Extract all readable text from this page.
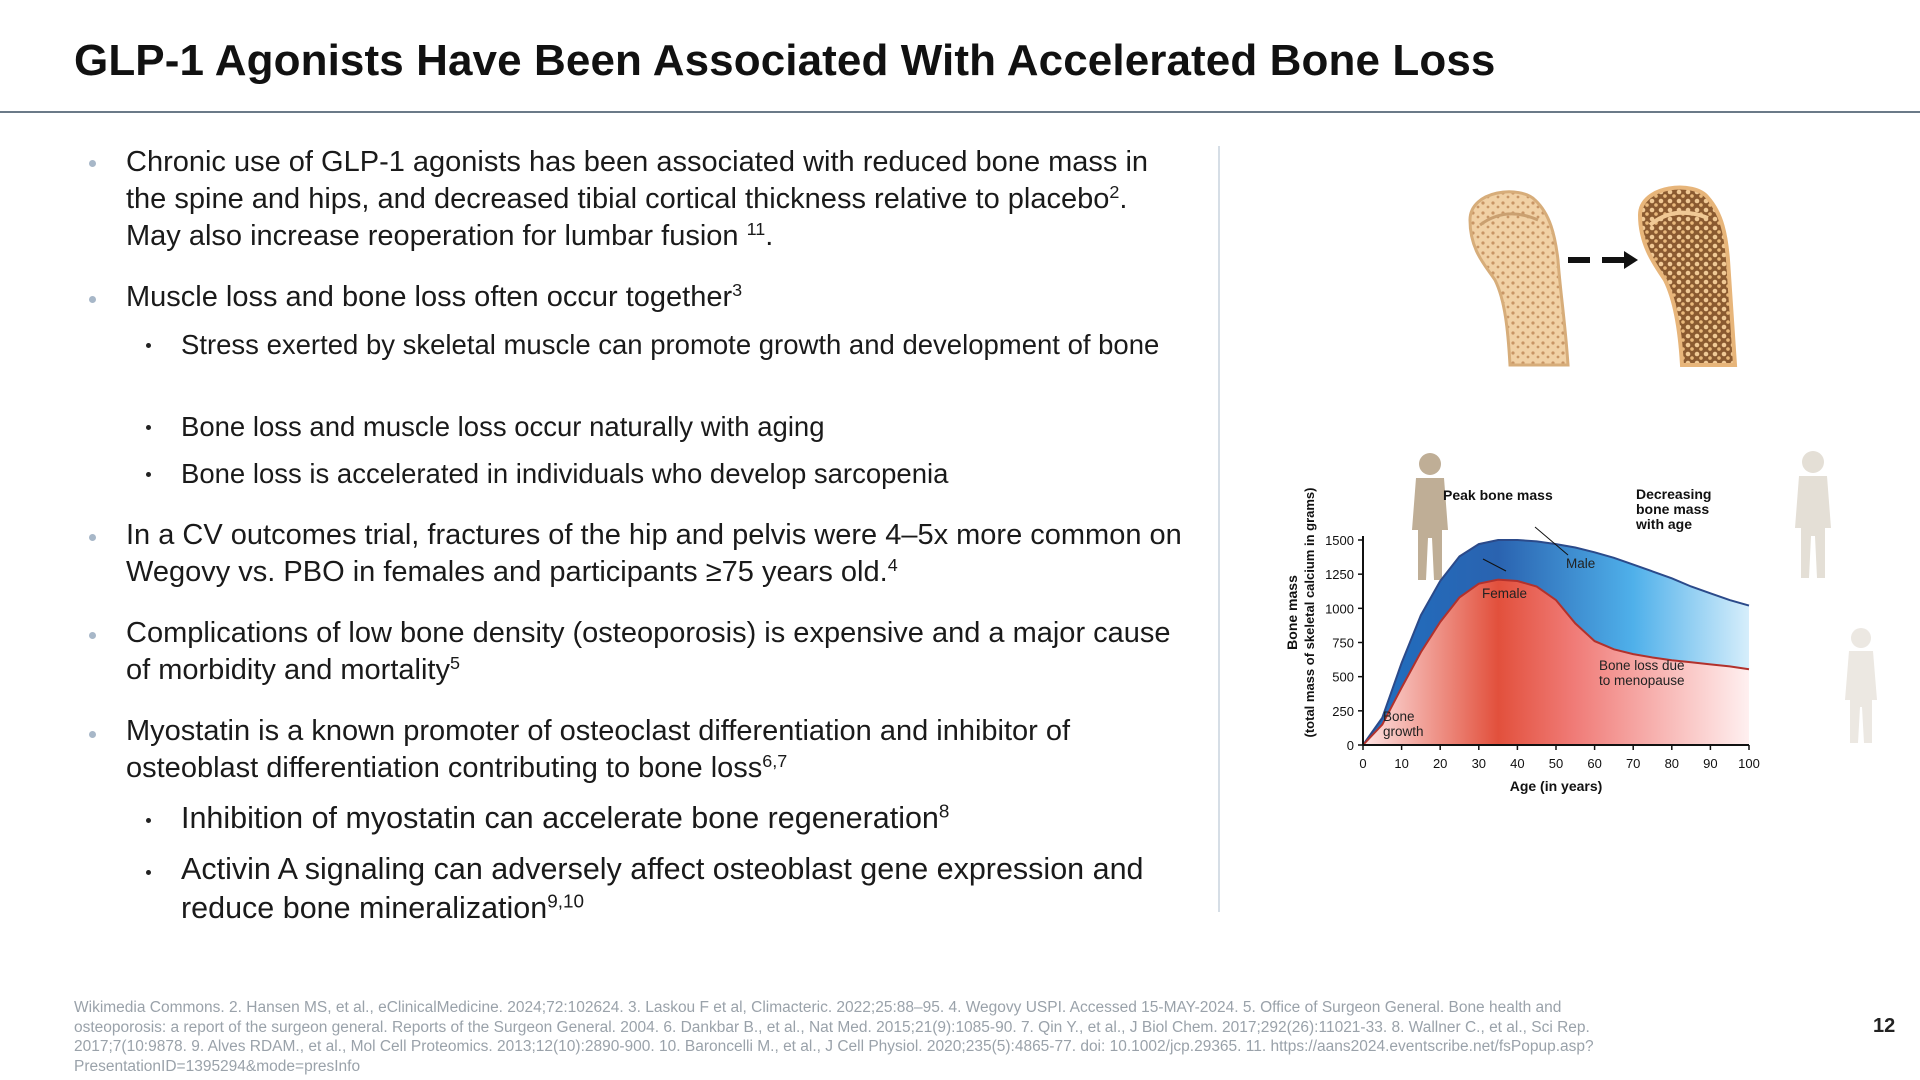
GLP-1 Agonists Have Been Associated With Accelerated Bone Loss
Chronic use of GLP-1 agonists has been associated with reduced bone mass in the spine and hips, and decreased tibial cortical thickness relative to placebo$^2$. May also increase reoperation for lumbar fusion $^{11}$.
Muscle loss and bone loss often occur together$^3$
Stress exerted by skeletal muscle can promote growth and development of bone
Bone loss and muscle loss occur naturally with aging
Bone loss is accelerated in individuals who develop sarcopenia
In a CV outcomes trial, fractures of the hip and pelvis were 4–5x more common on Wegovy vs. PBO in females and participants ≥75 years old.$^4$
Complications of low bone density (osteoporosis) is expensive and a major cause of morbidity and mortality$^5$
Myostatin is a known promoter of osteoclast differentiation and inhibitor of osteoblast differentiation contributing to bone loss$^{6,7}$
Inhibition of myostatin can accelerate bone regeneration$^8$
Activin A signaling can adversely affect osteoblast gene expression and reduce bone mineralization$^{9,10}$
0 10 20 30 40 50 60 70 80 90 100
0
250
500
750
1000
1250
1500
Age (in years)
Bone mass (total mass of skeletal calcium in grams)	Peak bone mass	Decreasing
bone mass
with age
Male
Female
Bone loss due
to menopause
Bone
growth
Wikimedia Commons. 2. Hansen MS, et al., eClinicalMedicine. 2024;72:102624. 3. Laskou F et al, Climacteric. 2022;25:88–95. 4. Wegovy USPI. Accessed 15-MAY-2024. 5. Office of Surgeon General. Bone health and osteoporosis: a report of the surgeon general. Reports of the Surgeon General. 2004. 6. Dankbar B., et al., Nat Med. 2015;21(9):1085-90. 7. Qin Y., et al., J Biol Chem. 2017;292(26):11021-33. 8. Wallner C., et al., Sci Rep. 2017;7(10:9878. 9. Alves RDAM., et al., Mol Cell Proteomics. 2013;12(10):2890-900. 10. Baroncelli M., et al., J Cell Physiol. 2020;235(5):4865-77. doi: 10.1002/jcp.29365. 11. https://aans2024.eventscribe.net/fsPopup.asp?PresentationID=1395294&mode=presInfo
12
